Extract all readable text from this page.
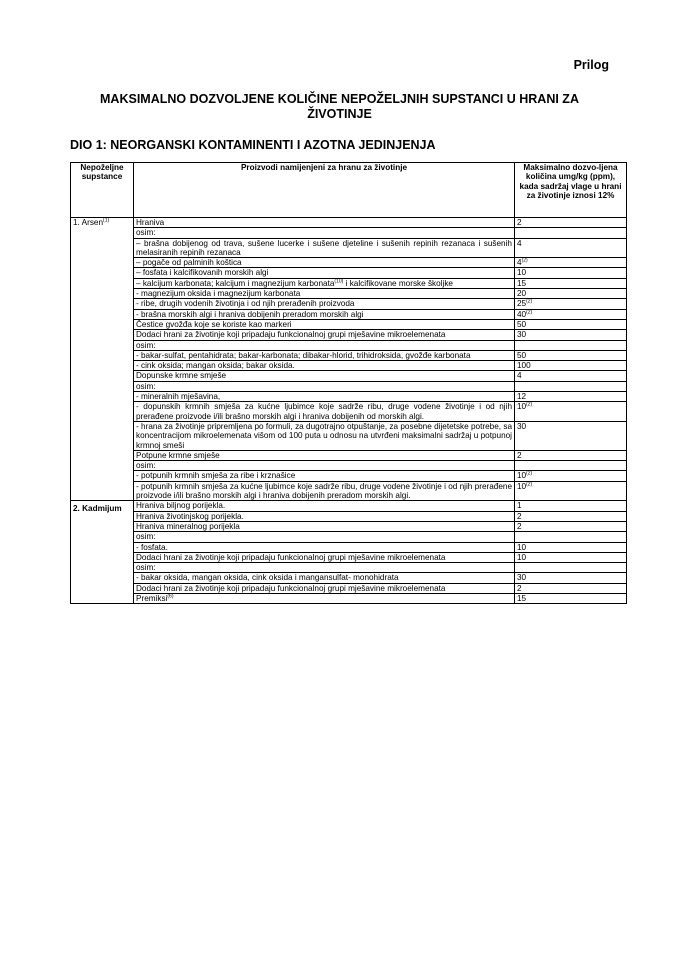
Prilog
MAKSIMALNO DOZVOLJENE KOLIČINE NEPOŽELJNIH SUPSTANCI U HRANI ZA ŽIVOTINJE
DIO 1: NEORGANSKI KONTAMINENTI I AZOTNA JEDINJENJA
Nepoželjne supstance	Proizvodi namijenjeni za hranu za životinje	Maksimalno dozvo-ljena količina umg/kg (ppm), kada sadržaj vlage u hrani za životinje iznosi 12%
1. Arsen$^{(1)}$	Hraniva	2
	osim:	
	– brašna dobijenog od trava, sušene lucerke i sušene djeteline i sušenih repinih rezanaca i sušenih melasiranih repinih rezanaca	4
	– pogače od palminih koštica	4$^{(2)}$
	– fosfata i kalcifikovanih morskih algi	10
	– kalcijum karbonata; kalcijum i magnezijum karbonata$^{(10)}$ i kalcifikovane morske školjke	15
	- magnezijum oksida i magnezijum karbonata	20
	- ribe, drugih vodenih životinja i od njih prerađenih proizvoda	25$^{(2)}$
	- brašna morskih algi i hraniva dobijenih preradom morskih algi	40$^{(2)}$
	Čestice gvožđa koje se koriste kao markeri	50
	Dodaci hrani za životinje koji pripadaju funkcionalnoj grupi mješavine mikroelemenata	30
	osim:	
	- bakar-sulfat, pentahidrata; bakar-karbonata; dibakar-hlorid, trihidroksida, gvožđe karbonata	50
	- cink oksida; mangan oksida; bakar oksida.	100
	Dopunske krmne smješe	4
	osim:	
	- mineralnih mješavina,	12
	- dopunskih krmnih smješa za kućne ljubimce koje sadrže ribu, druge vodene životinje i od njih prerađene proizvode i/ili brašno morskih algi i hraniva dobijenih od morskih algi.	10$^{(2)}$
	- hrana za životinje pripremljena po formuli, za dugotrajno otpuštanje, za posebne dijetetske potrebe, sa koncentracijom mikroelemenata višom od 100 puta u odnosu na utvrđeni maksimalni sadržaj u potpunoj krmnoj smeši	30
	Potpune krmne smješe	2
	osim:	
	- potpunih krmnih smješa za ribe i krznašice	10$^{(2)}$
	- potpunih krmnih smješa za kućne ljubimce koje sadrže ribu, druge vodene životinje i od njih prerađene proizvode i/ili brašno morskih algi i hraniva dobijenih preradom morskih algi.	10$^{(2)}$
2. Kadmijum	Hraniva biljnog porijekla.	1
	Hraniva životinjskog porijekla.	2
	Hraniva mineralnog porijekla	2
	osim:	
	- fosfata.	10
	Dodaci hrani za životinje koji pripadaju funkcionalnoj grupi mješavine mikroelemenata	10
	osim:	
	- bakar oksida, mangan oksida, cink oksida i mangansulfat- monohidrata	30
	Dodaci hrani za životinje koji pripadaju funkcionalnoj grupi mješavine mikroelemenata	2
	Premiksi$^{(6)}$	15
